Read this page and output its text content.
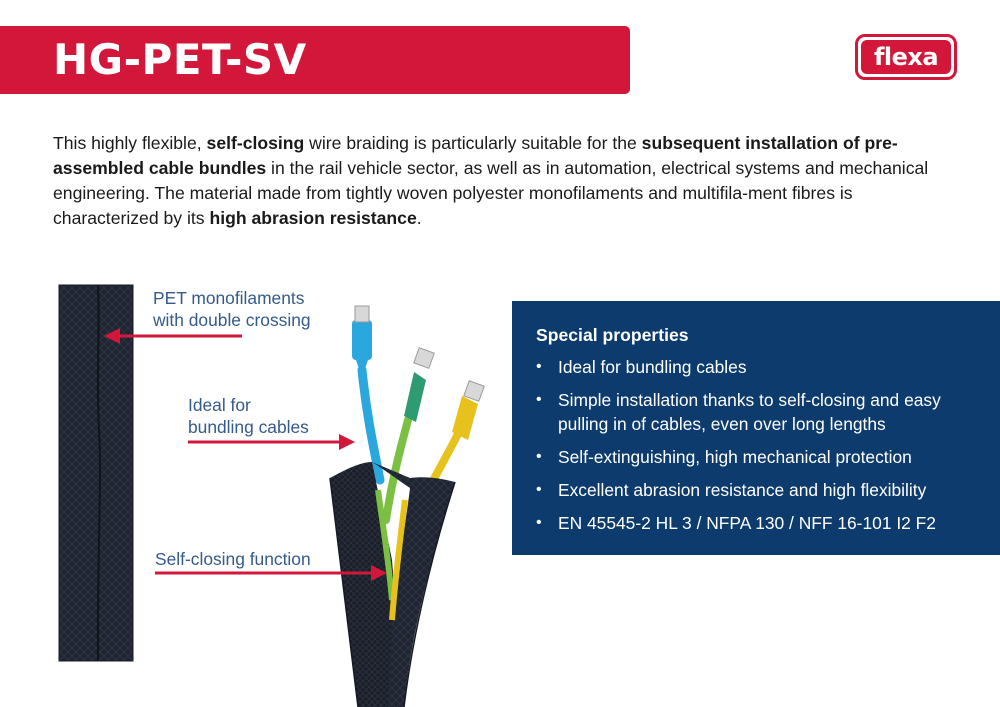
HG-PET-SV	flexa
This highly flexible, self-closing wire braiding is particularly suitable for the subsequent installation of pre-assembled cable bundles in the rail vehicle sector, as well as in automation, electrical systems and mechanical engineering. The material made from tightly woven polyester monofilaments and multifila-ment fibres is characterized by its high abrasion resistance.
PET monofilaments
with double crossing
Ideal for
bundling cables
Self-closing function
Special properties
• Ideal for bundling cables
• Simple installation thanks to self-closing and easy pulling in of cables, even over long lengths
• Self-extinguishing, high mechanical protection
• Excellent abrasion resistance and high flexibility
• EN 45545-2 HL 3 / NFPA 130 / NFF 16-101 I2 F2
